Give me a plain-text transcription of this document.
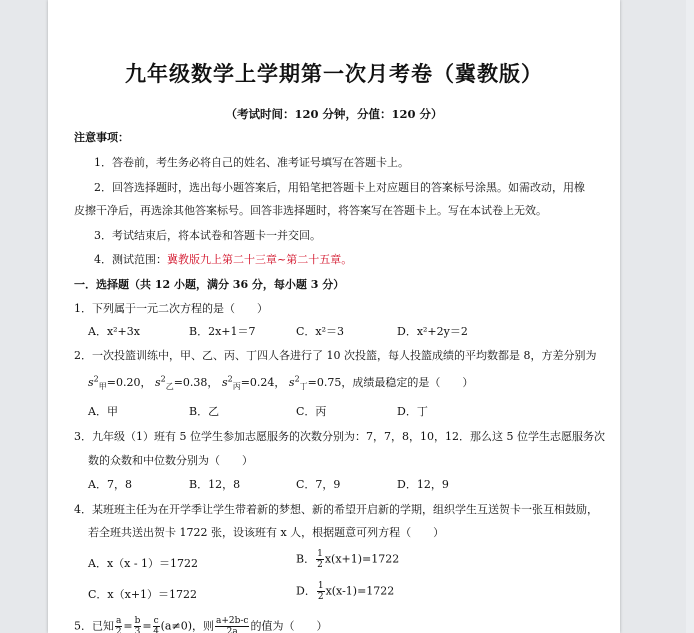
九年级数学上学期第一次月考卷（冀教版）
（考试时间：120 分钟，分值：120 分）
注意事项：
1．答卷前，考生务必将自己的姓名、准考证号填写在答题卡上。
2．回答选择题时，选出每小题答案后，用铅笔把答题卡上对应题目的答案标号涂黑。如需改动，用橡
皮擦干净后，再选涂其他答案标号。回答非选择题时，将答案写在答题卡上。写在本试卷上无效。
3．考试结束后，将本试卷和答题卡一并交回。
4．测试范围：冀教版九上第二十三章~第二十五章。
一．选择题（共 12 小题，满分 36 分，每小题 3 分）
1．下列属于一元二次方程的是（　　）
A．x²+3x	B．2x+1＝7	C．x²＝3	D．x²+2y＝2
2．一次投篮训练中，甲、乙、丙、丁四人各进行了 10 次投篮，每人投篮成绩的平均数都是 8，方差分别为
$s^2_甲=0.20$， $s^2_乙=0.38$， $s^2_丙=0.24$， $s^2_丁=0.75$，成绩最稳定的是（　　）
A．甲	B．乙	C．丙	D．丁
3．九年级（1）班有 5 位学生参加志愿服务的次数分别为：7，7，8，10，12．那么这 5 位学生志愿服务次
数的众数和中位数分别为（　　）
A．7，8	B．12，8	C．7，9	D．12，9
4．某班班主任为在开学季让学生带着新的梦想、新的希望开启新的学期，组织学生互送贺卡一张互相鼓励，
若全班共送出贺卡 1722 张，设该班有 x 人，根据题意可列方程（　　）
A．x（x - 1）＝1722	B． $\frac{1}{2} x(x+1)=1722$
C．x（x+1）＝1722	D． $\frac{1}{2} x(x-1)=1722$
5．已知 $\frac{a}{2} = \frac{b}{3} = \frac{c}{4} (a\ne 0)$，则 $\frac{a+2b-c}{2a}$ 的值为（　　）
